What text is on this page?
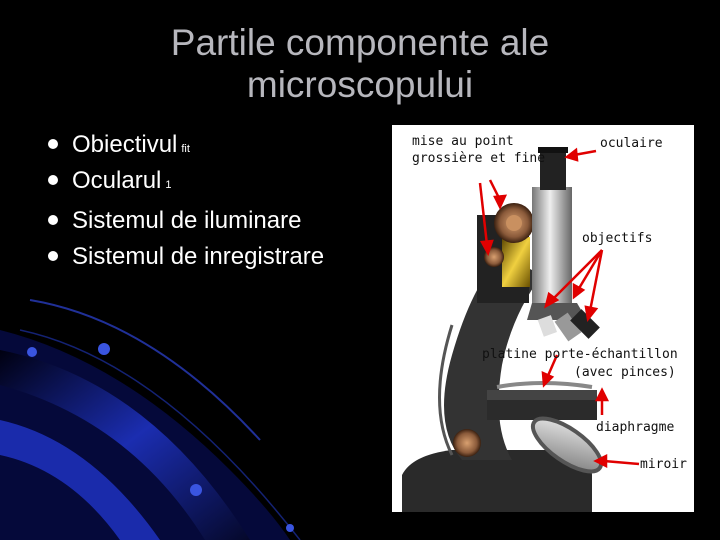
Partile componente ale
microscopului
Obiectivul fit
Ocularul 1
Sistemul de iluminare
Sistemul de inregistrare
mise au point
grossière et fine
oculaire
objectifs
platine porte-échantillon
(avec pinces)
diaphragme
miroir
